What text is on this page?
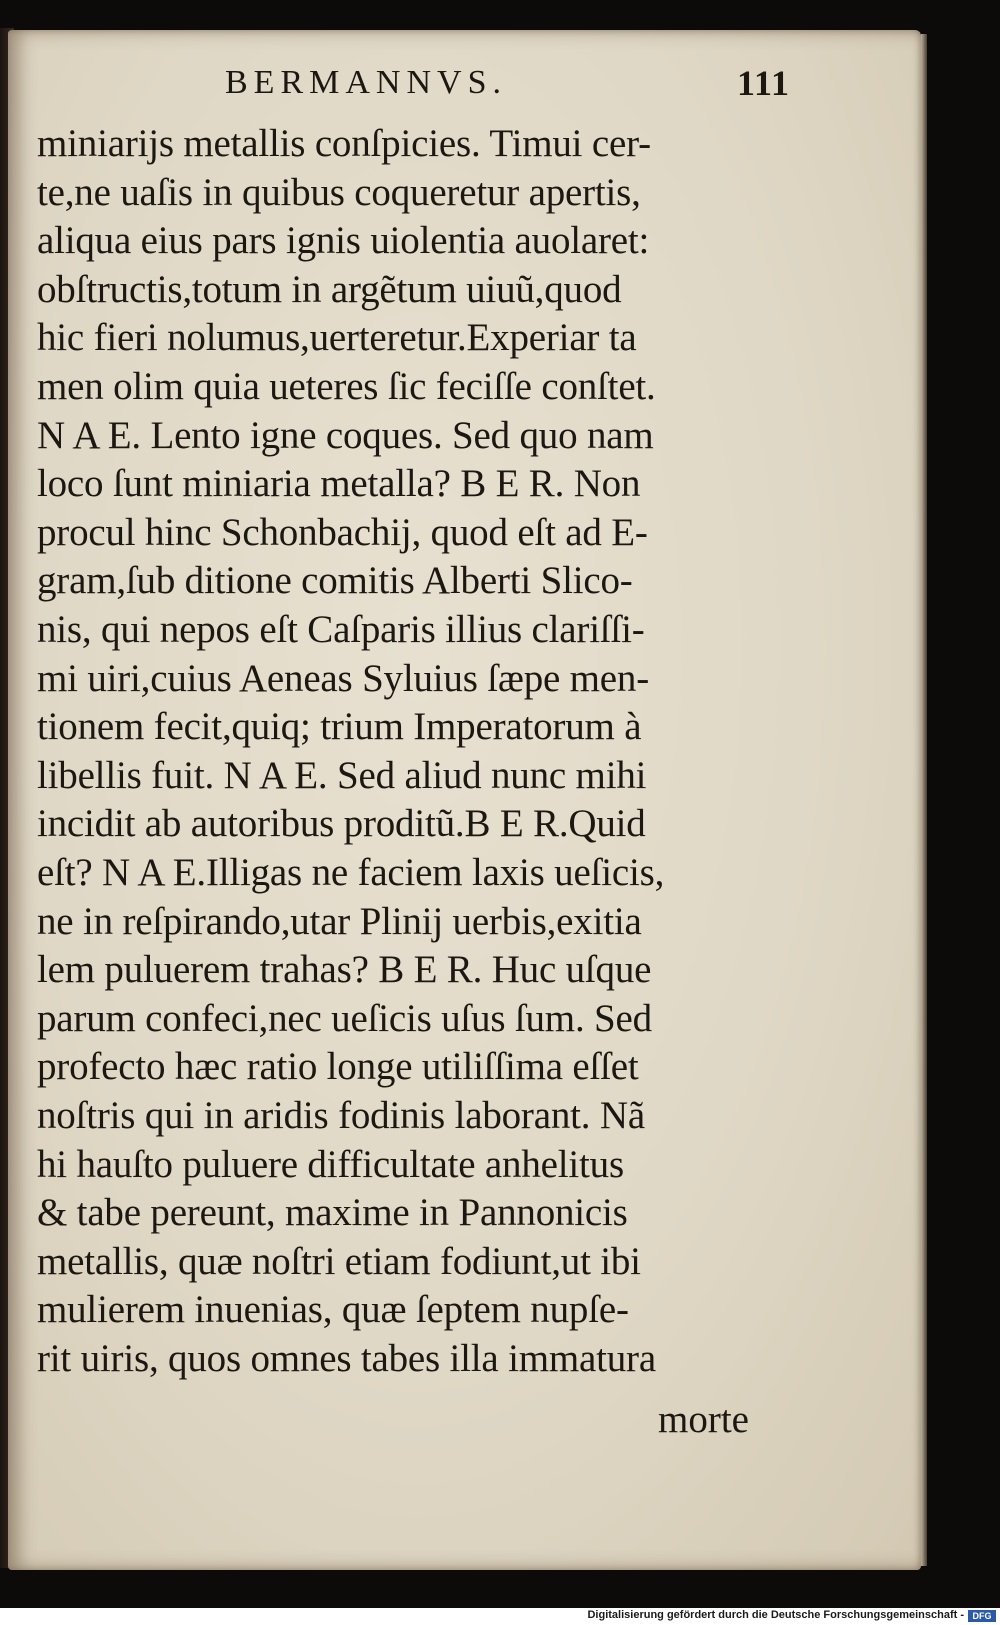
BERMANNVS.	111
miniarijs metallis conſpicies. Timui cer-
te,ne uaſis in quibus coqueretur apertis,
aliqua eius pars ignis uiolentia auolaret:
obſtructis,totum in argẽtum uiuũ,quod
hic fieri nolumus,uerteretur.Experiar ta
men olim quia ueteres ſic feciſſe conſtet.
N A E. Lento igne coques. Sed quo nam
loco ſunt miniaria metalla? B E R. Non
procul hinc Schonbachij, quod eſt ad E-
gram,ſub ditione comitis Alberti Slico-
nis, qui nepos eſt Caſparis illius clariſſi-
mi uiri,cuius Aeneas Syluius ſæpe men-
tionem fecit,quiq; trium Imperatorum à
libellis fuit. N A E. Sed aliud nunc mihi
incidit ab autoribus proditũ.B E R.Quid
eſt? N A E.Illigas ne faciem laxis ueſicis,
ne in reſpirando,utar Plinij uerbis,exitia
lem puluerem trahas? B E R. Huc uſque
parum confeci,nec ueſicis uſus ſum. Sed
profecto hæc ratio longe utiliſſima eſſet
noſtris qui in aridis fodinis laborant. Nã
hi hauſto puluere difficultate anhelitus
& tabe pereunt, maxime in Pannonicis
metallis, quæ noſtri etiam fodiunt,ut ibi
mulierem inuenias, quæ ſeptem nupſe-
rit uiris, quos omnes tabes illa immatura
morte
Digitalisierung gefördert durch die Deutsche Forschungsgemeinschaft - DFG
